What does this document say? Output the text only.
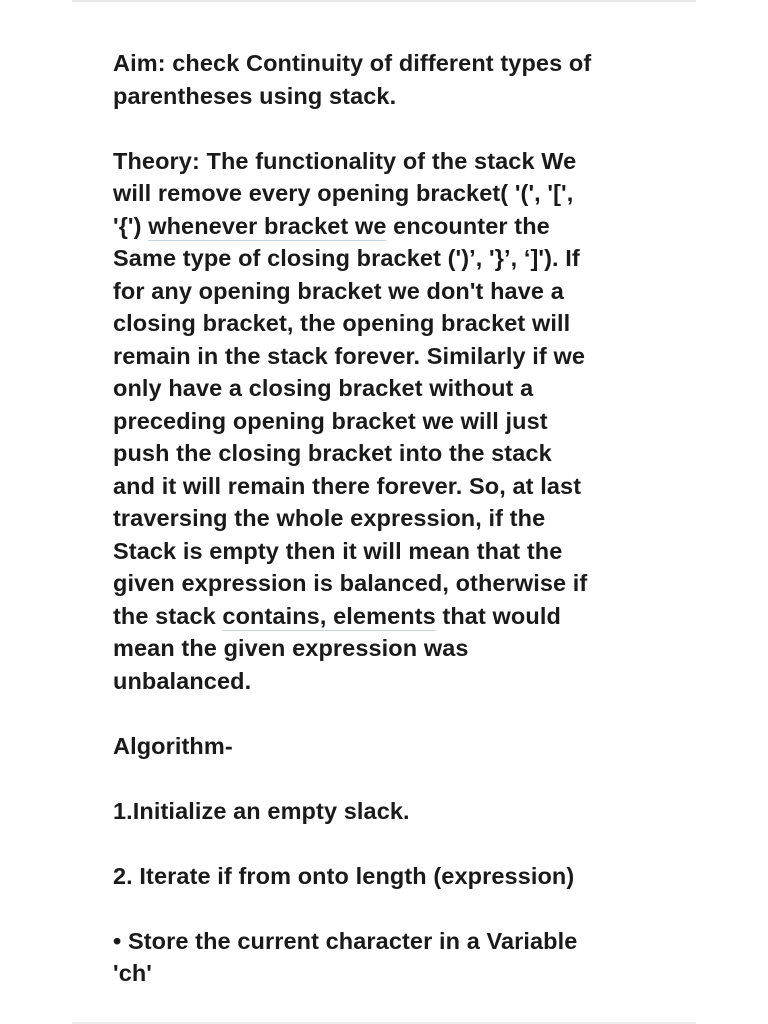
Aim: check Continuity of different types of
parentheses using stack.

Theory: The functionality of the stack We
will remove every opening bracket( '(', '[',
'{') whenever bracket we encounter the
Same type of closing bracket (')’, '}’, ‘]'). If
for any opening bracket we don't have a
closing bracket, the opening bracket will
remain in the stack forever. Similarly if we
only have a closing bracket without a
preceding opening bracket we will just
push the closing bracket into the stack
and it will remain there forever. So, at last
traversing the whole expression, if the
Stack is empty then it will mean that the
given expression is balanced, otherwise if
the stack contains, elements that would
mean the given expression was
unbalanced.

Algorithm-

1.Initialize an empty slack.

2. Iterate if from onto length (expression)

• Store the current character in a Variable
'ch'
